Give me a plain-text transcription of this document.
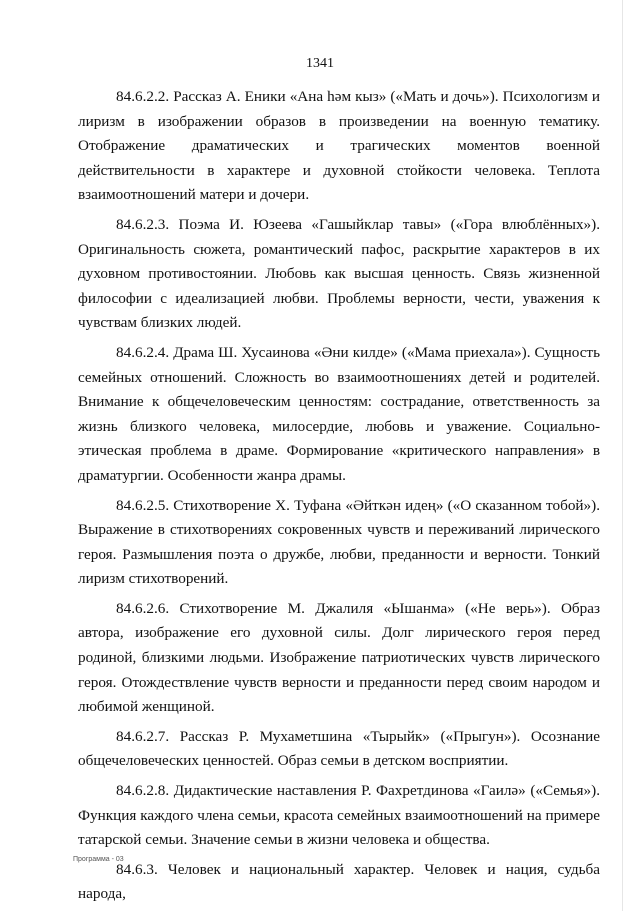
1341

84.6.2.2. Рассказ А. Еники «Ана һәм кыз» («Мать и дочь»). Психологизм и лиризм в изображении образов в произведении на военную тематику. Отображение драматических и трагических моментов военной действительности в характере и духовной стойкости человека. Теплота взаимоотношений матери и дочери.

84.6.2.3. Поэма И. Юзеева «Гашыйклар тавы» («Гора влюблённых»). Оригинальность сюжета, романтический пафос, раскрытие характеров в их духовном противостоянии. Любовь как высшая ценность. Связь жизненной философии с идеализацией любви. Проблемы верности, чести, уважения к чувствам близких людей.

84.6.2.4. Драма Ш. Хусаинова «Әни килде» («Мама приехала»). Сущность семейных отношений. Сложность во взаимоотношениях детей и родителей. Внимание к общечеловеческим ценностям: сострадание, ответственность за жизнь близкого человека, милосердие, любовь и уважение. Социально-этическая проблема в драме. Формирование «критического направления» в драматургии. Особенности жанра драмы.

84.6.2.5. Стихотворение Х. Туфана «Әйткән идең» («О сказанном тобой»). Выражение в стихотворениях сокровенных чувств и переживаний лирического героя. Размышления поэта о дружбе, любви, преданности и верности. Тонкий лиризм стихотворений.

84.6.2.6. Стихотворение М. Джалиля «Ышанма» («Не верь»). Образ автора, изображение его духовной силы. Долг лирического героя перед родиной, близкими людьми. Изображение патриотических чувств лирического героя. Отождествление чувств верности и преданности перед своим народом и любимой женщиной.

84.6.2.7. Рассказ Р. Мухаметшина «Тырыйк» («Прыгун»). Осознание общечеловеческих ценностей. Образ семьи в детском восприятии.

84.6.2.8. Дидактические наставления Р. Фахретдинова «Гаилә» («Семья»). Функция каждого члена семьи, красота семейных взаимоотношений на примере татарской семьи. Значение семьи в жизни человека и общества.

84.6.3. Человек и национальный характер. Человек и нация, судьба народа,

Программа - 03
